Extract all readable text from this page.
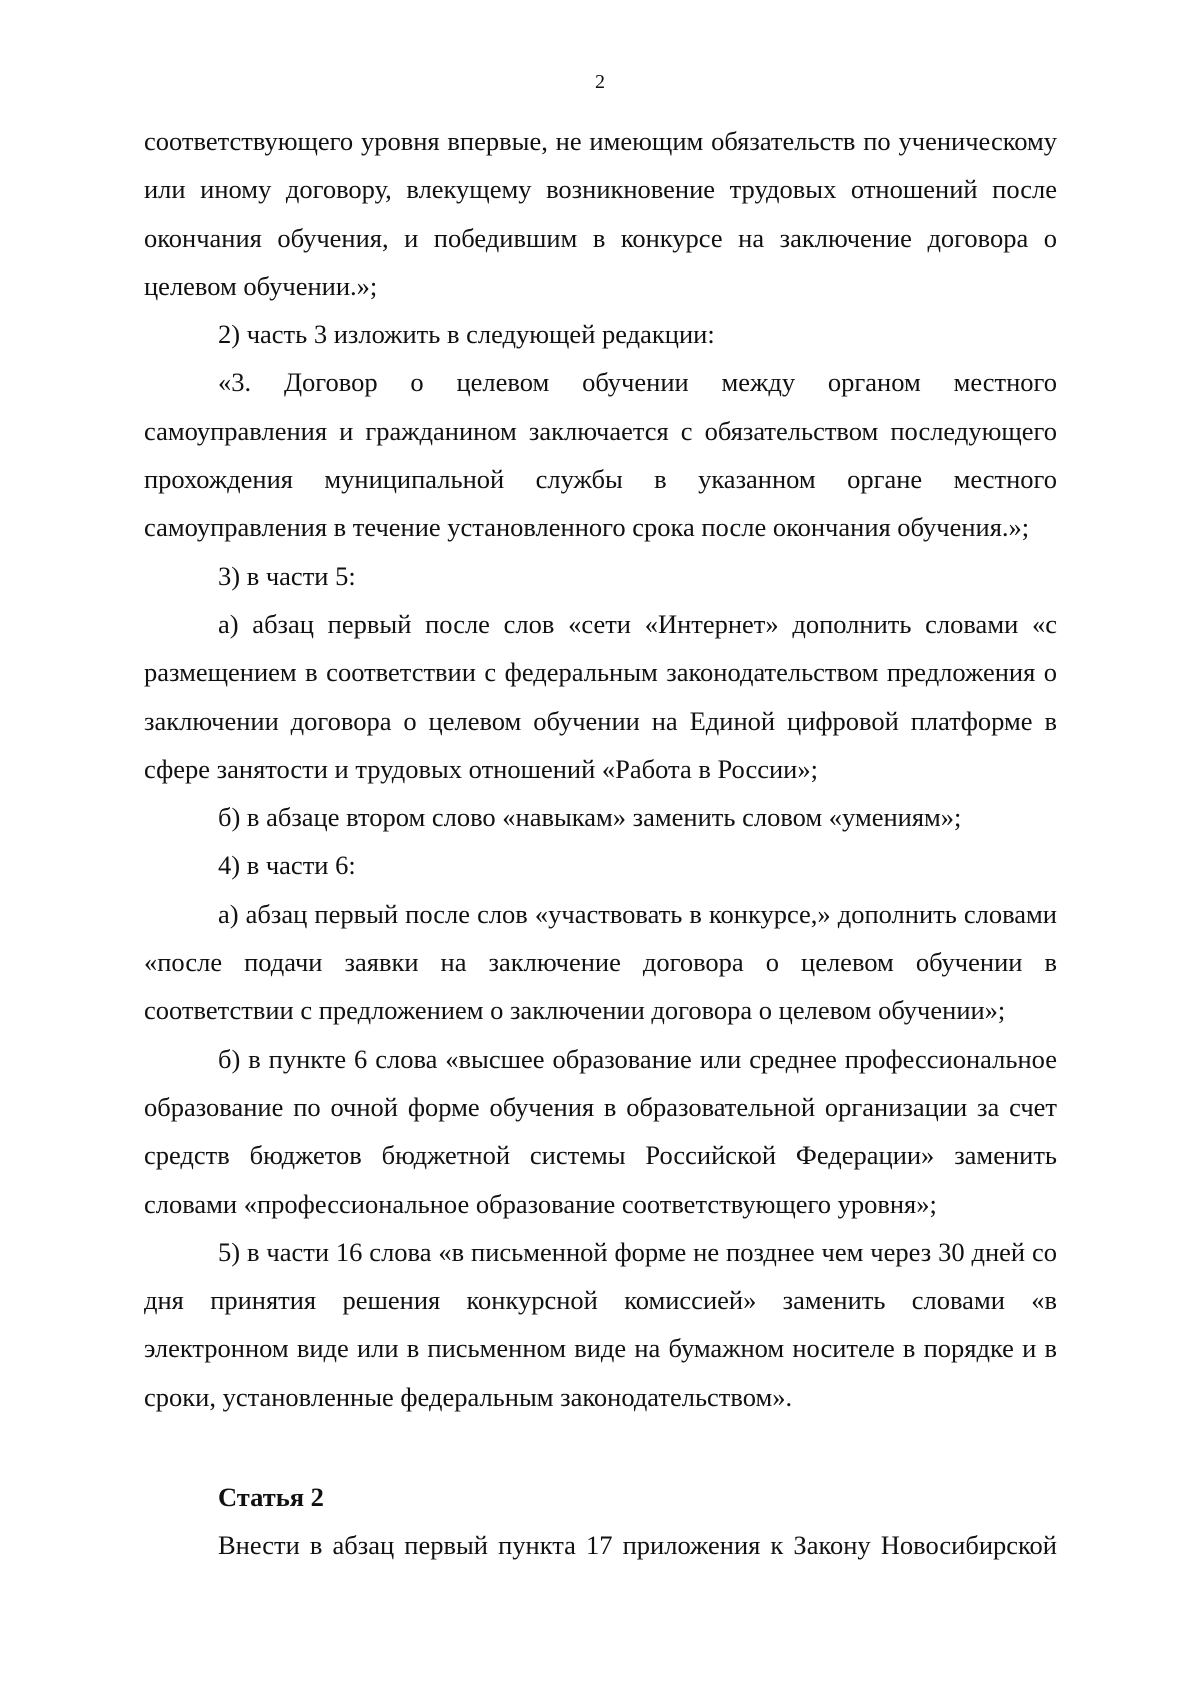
2

соответствующего уровня впервые, не имеющим обязательств по ученическому или иному договору, влекущему возникновение трудовых отношений после окончания обучения, и победившим в конкурсе на заключение договора о целевом обучении.»;

2) часть 3 изложить в следующей редакции:

«3. Договор о целевом обучении между органом местного самоуправления и гражданином заключается с обязательством последующего прохождения муниципальной службы в указанном органе местного самоуправления в течение установленного срока после окончания обучения.»;

3) в части 5:

а) абзац первый после слов «сети «Интернет» дополнить словами «с размещением в соответствии с федеральным законодательством предложения о заключении договора о целевом обучении на Единой цифровой платформе в сфере занятости и трудовых отношений «Работа в России»;

б) в абзаце втором слово «навыкам» заменить словом «умениям»;

4) в части 6:

а) абзац первый после слов «участвовать в конкурсе,» дополнить словами «после подачи заявки на заключение договора о целевом обучении в соответствии с предложением о заключении договора о целевом обучении»;

б) в пункте 6 слова «высшее образование или среднее профессиональное образование по очной форме обучения в образовательной организации за счет средств бюджетов бюджетной системы Российской Федерации» заменить словами «профессиональное образование соответствующего уровня»;

5) в части 16 слова «в письменной форме не позднее чем через 30 дней со дня принятия решения конкурсной комиссией» заменить словами «в электронном виде или в письменном виде на бумажном носителе в порядке и в сроки, установленные федеральным законодательством».

Статья 2

Внести в абзац первый пункта 17 приложения к Закону Новосибирской
